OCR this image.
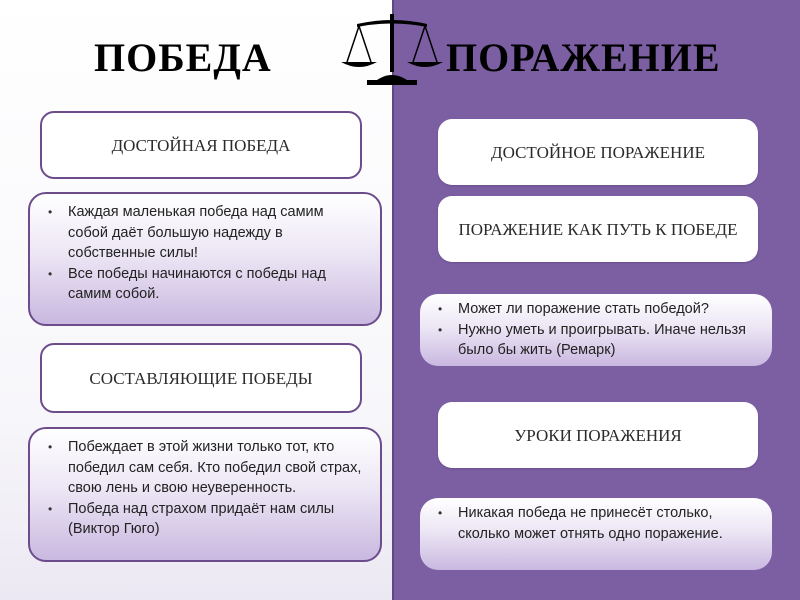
ПОБЕДА	ПОРАЖЕНИЕ
ДОСТОЙНАЯ ПОБЕДА
• Каждая маленькая победа над самим собой даёт большую надежду в собственные силы!
• Все победы начинаются с победы над самим собой.
СОСТАВЛЯЮЩИЕ ПОБЕДЫ
• Побеждает в этой жизни только тот, кто победил сам себя. Кто победил свой страх, свою лень и свою неуверенность.
• Победа над страхом придаёт нам силы (Виктор Гюго)
ДОСТОЙНОЕ ПОРАЖЕНИЕ
ПОРАЖЕНИЕ КАК ПУТЬ К ПОБЕДЕ
• Может ли поражение стать победой?
• Нужно уметь и проигрывать. Иначе нельзя было бы жить (Ремарк)
УРОКИ ПОРАЖЕНИЯ
• Никакая победа не принесёт столько, сколько может отнять одно поражение.
